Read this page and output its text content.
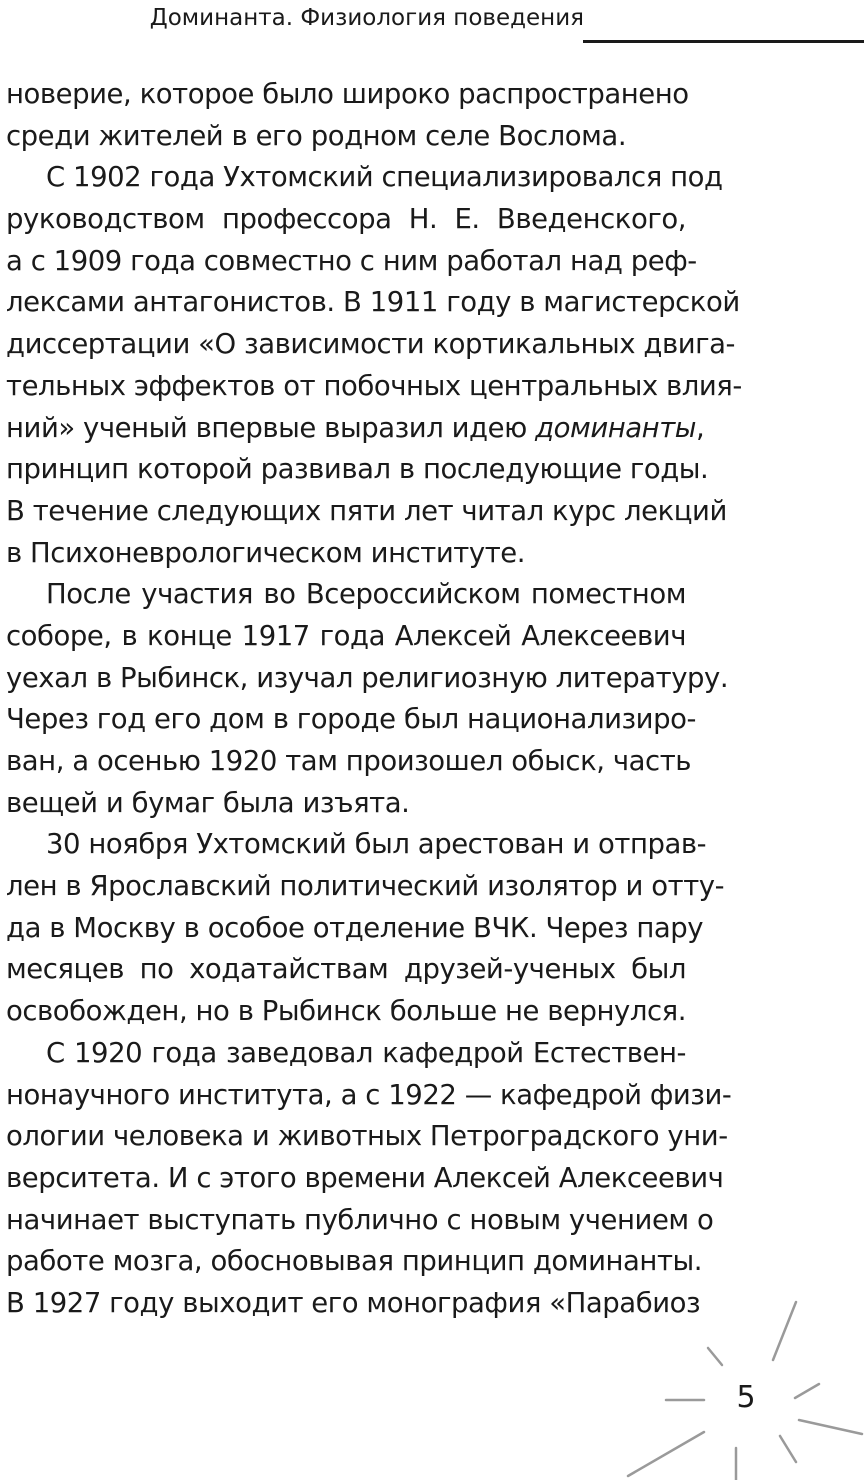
Доминанта. Физиология поведения
новерие, которое было широко распространено
среди жителей в его родном селе Вослома.
С 1902 года Ухтомский специализировался под
руководством профессора Н. Е. Введенского,
а с 1909 года совместно с ним работал над реф-
лексами антагонистов. В 1911 году в магистерской
диссертации «О зависимости кортикальных двига-
тельных эффектов от побочных центральных влия-
ний» ученый впервые выразил идею доминанты,
принцип которой развивал в последующие годы.
В течение следующих пяти лет читал курс лекций
в Психоневрологическом институте.
После участия во Всероссийском поместном
соборе, в конце 1917 года Алексей Алексеевич
уехал в Рыбинск, изучал религиозную литературу.
Через год его дом в городе был национализиро-
ван, а осенью 1920 там произошел обыск, часть
вещей и бумаг была изъята.
30 ноября Ухтомский был арестован и отправ-
лен в Ярославский политический изолятор и отту-
да в Москву в особое отделение ВЧК. Через пару
месяцев по ходатайствам друзей-ученых был
освобожден, но в Рыбинск больше не вернулся.
С 1920 года заведовал кафедрой Естествен-
нонаучного института, а с 1922 — кафедрой физи-
ологии человека и животных Петроградского уни-
верситета. И с этого времени Алексей Алексеевич
начинает выступать публично с новым учением о
работе мозга, обосновывая принцип доминанты.
В 1927 году выходит его монография «Парабиоз
5
